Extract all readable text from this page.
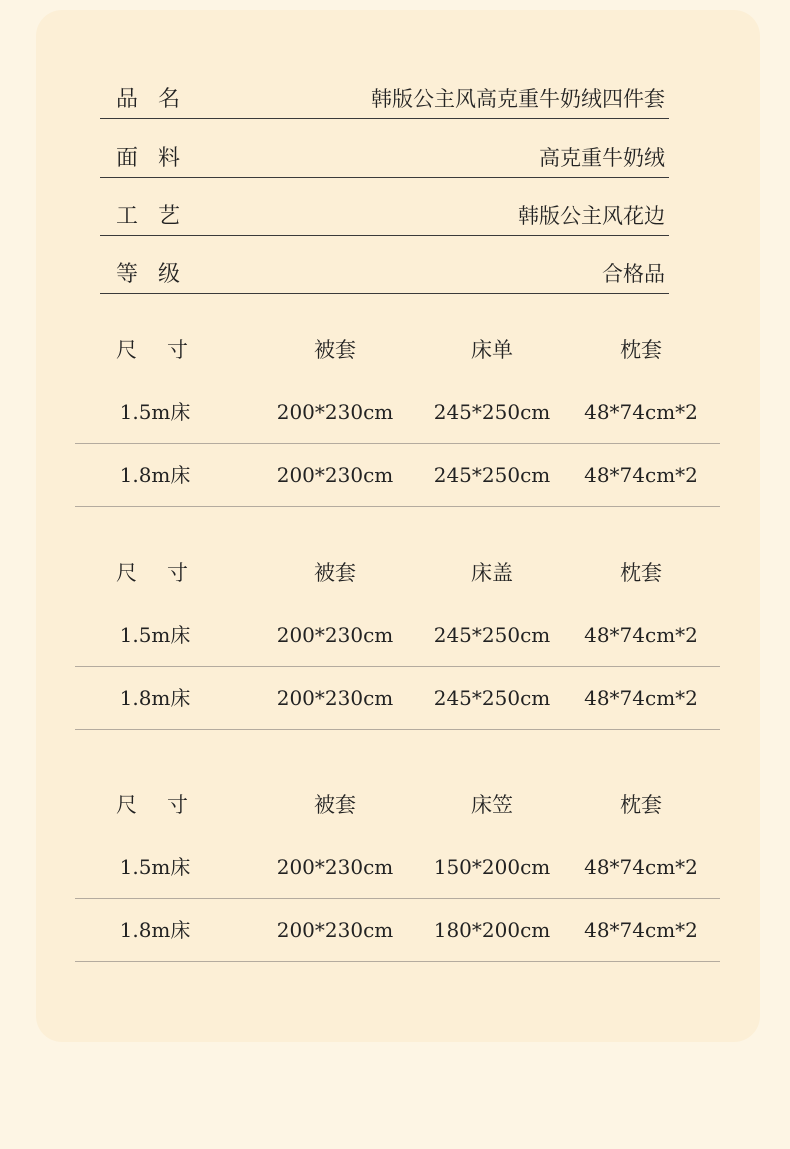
品名	韩版公主风高克重牛奶绒四件套
面料	高克重牛奶绒
工艺	韩版公主风花边
等级	合格品
尺寸	被套	床单	枕套
1.5m床	200*230cm	245*250cm	48*74cm*2
1.8m床	200*230cm	245*250cm	48*74cm*2
尺寸	被套	床盖	枕套
1.5m床	200*230cm	245*250cm	48*74cm*2
1.8m床	200*230cm	245*250cm	48*74cm*2
尺寸	被套	床笠	枕套
1.5m床	200*230cm	150*200cm	48*74cm*2
1.8m床	200*230cm	180*200cm	48*74cm*2
